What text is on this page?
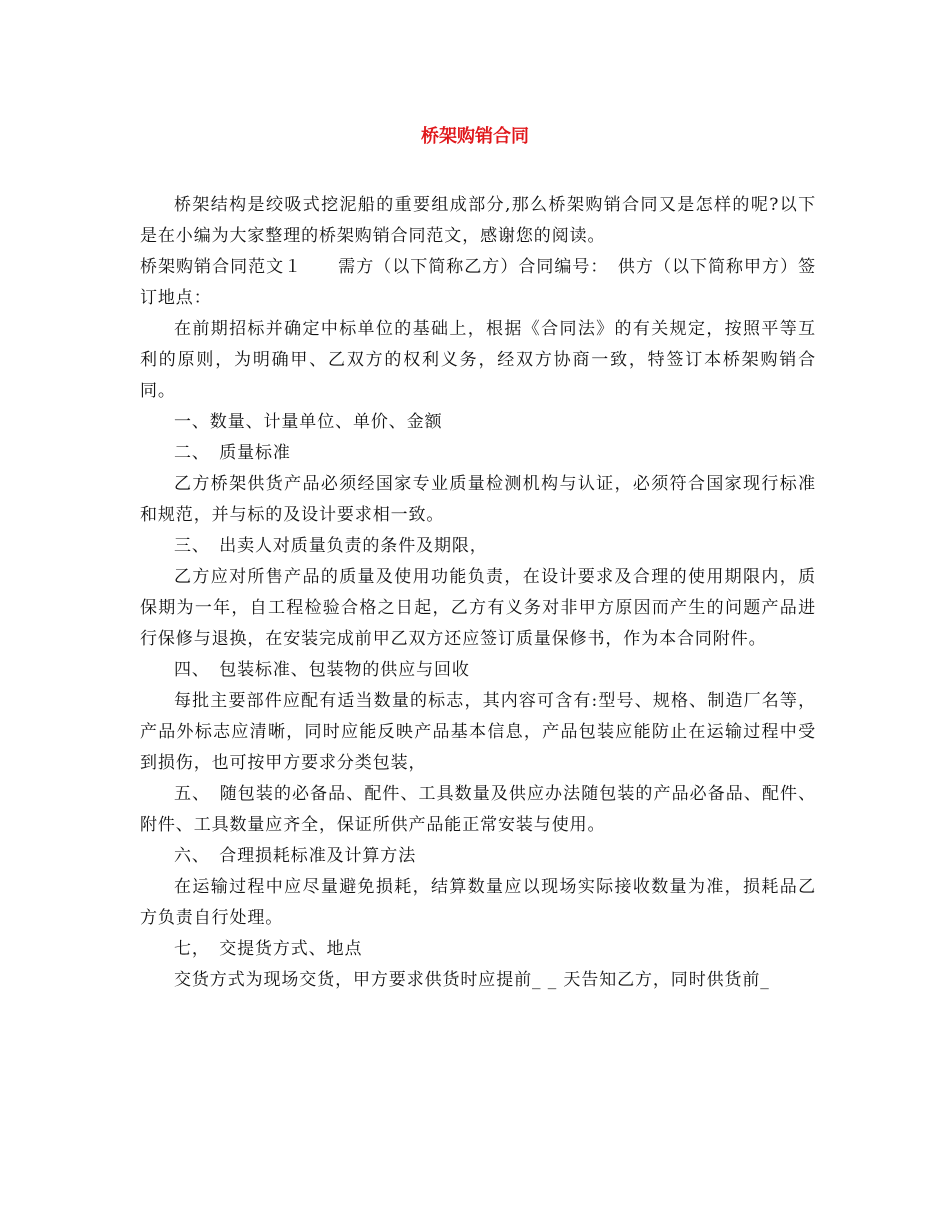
桥架购销合同

桥架结构是绞吸式挖泥船的重要组成部分,那么桥架购销合同又是怎样的呢?以下是在小编为大家整理的桥架购销合同范文，感谢您的阅读。

桥架购销合同范文１　　需方（以下简称乙方）合同编号：　供方（以下简称甲方）签订地点：

在前期招标并确定中标单位的基础上，根据《合同法》的有关规定，按照平等互利的原则，为明确甲、乙双方的权利义务，经双方协商一致，特签订本桥架购销合同。

一、数量、计量单位、单价、金额

二、　质量标准

乙方桥架供货产品必须经国家专业质量检测机构与认证，必须符合国家现行标准和规范，并与标的及设计要求相一致。

三、　出卖人对质量负责的条件及期限，

乙方应对所售产品的质量及使用功能负责，在设计要求及合理的使用期限内，质保期为一年，自工程检验合格之日起，乙方有义务对非甲方原因而产生的问题产品进行保修与退换，在安装完成前甲乙双方还应签订质量保修书，作为本合同附件。

四、　包装标准、包装物的供应与回收

每批主要部件应配有适当数量的标志，其内容可含有:型号、规格、制造厂名等，产品外标志应清晰，同时应能反映产品基本信息，产品包装应能防止在运输过程中受到损伤，也可按甲方要求分类包装，

五、　随包装的必备品、配件、工具数量及供应办法随包装的产品必备品、配件、附件、工具数量应齐全，保证所供产品能正常安装与使用。

六、　合理损耗标准及计算方法

在运输过程中应尽量避免损耗，结算数量应以现场实际接收数量为准，损耗品乙方负责自行处理。

七，　交提货方式、地点

交货方式为现场交货，甲方要求供货时应提前_ _ 天告知乙方，同时供货前_
